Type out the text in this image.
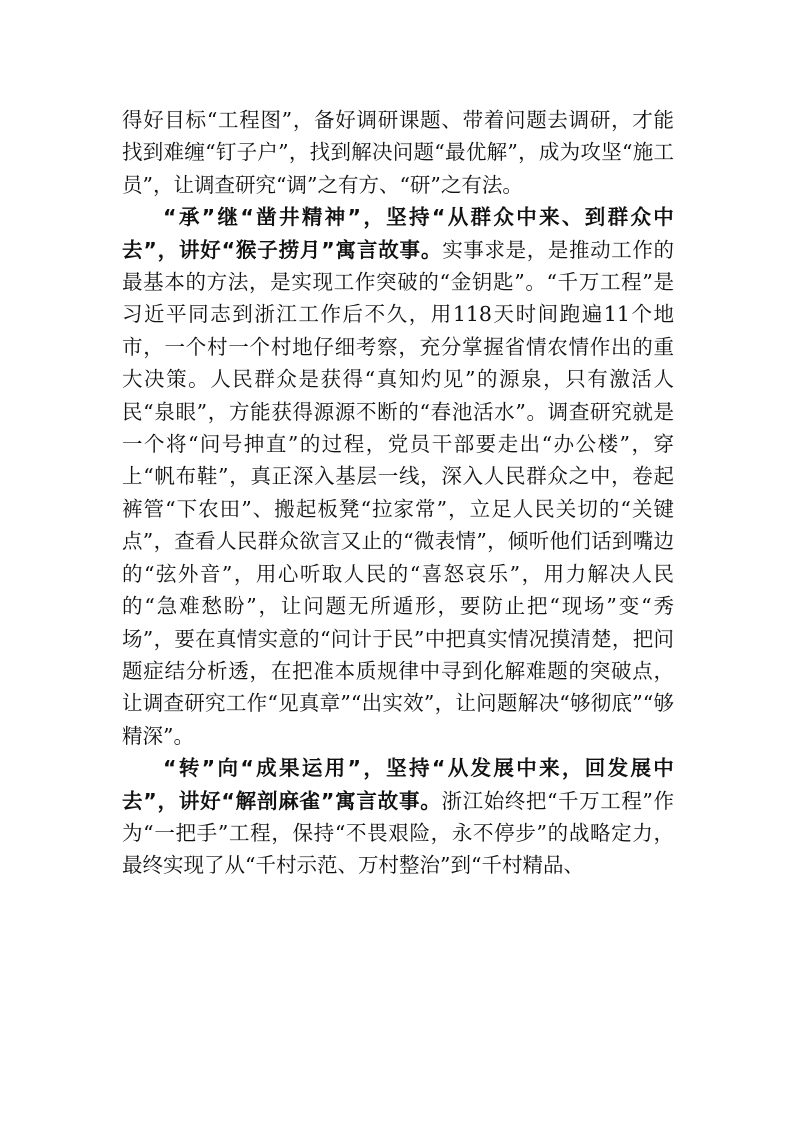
得好目标“工程图”，备好调研课题、带着问题去调研，才能找到难缠“钉子户”，找到解决问题“最优解”，成为攻坚“施工员”，让调查研究“调”之有方、“研”之有法。

“承”继“凿井精神”，坚持“从群众中来、到群众中去”，讲好“猴子捞月”寓言故事。实事求是，是推动工作的最基本的方法，是实现工作突破的“金钥匙”。“千万工程”是习近平同志到浙江工作后不久，用118天时间跑遍11个地市，一个村一个村地仔细考察，充分掌握省情农情作出的重大决策。人民群众是获得“真知灼见”的源泉，只有激活人民“泉眼”，方能获得源源不断的“春池活水”。调查研究就是一个将“问号抻直”的过程，党员干部要走出“办公楼”，穿上“帆布鞋”，真正深入基层一线，深入人民群众之中，卷起裤管“下农田”、搬起板凳“拉家常”，立足人民关切的“关键点”，查看人民群众欲言又止的“微表情”，倾听他们话到嘴边的“弦外音”，用心听取人民的“喜怒哀乐”，用力解决人民的“急难愁盼”，让问题无所遁形，要防止把“现场”变“秀场”，要在真情实意的“问计于民”中把真实情况摸清楚，把问题症结分析透，在把准本质规律中寻到化解难题的突破点，让调查研究工作“见真章”“出实效”，让问题解决“够彻底”“够精深”。

“转”向“成果运用”，坚持“从发展中来，回发展中去”，讲好“解剖麻雀”寓言故事。浙江始终把“千万工程”作为“一把手”工程，保持“不畏艰险，永不停步”的战略定力，最终实现了从“千村示范、万村整治”到“千村精品、
